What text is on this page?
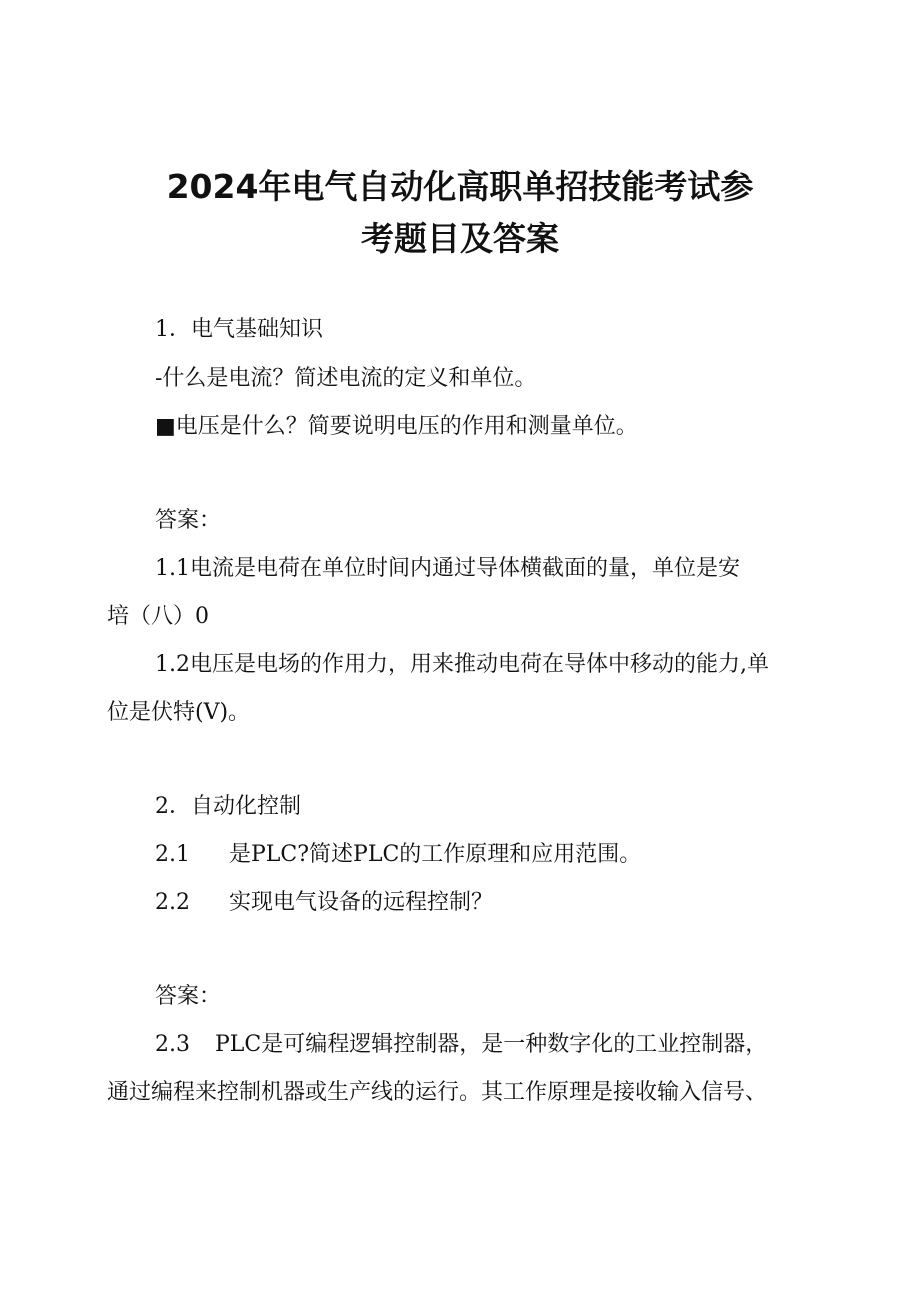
2024年电气自动化高职单招技能考试参
考题目及答案
1．电气基础知识
-什么是电流？简述电流的定义和单位。
■电压是什么？简要说明电压的作用和测量单位。
答案：
1.1电流是电荷在单位时间内通过导体横截面的量，单位是安
培（八）0
1.2电压是电场的作用力，用来推动电荷在导体中移动的能力,单
位是伏特(V)。
2．自动化控制
2.1 是PLC?简述PLC的工作原理和应用范围。
2.2 实现电气设备的远程控制？
答案：
2.3 PLC是可编程逻辑控制器，是一种数字化的工业控制器，
通过编程来控制机器或生产线的运行。其工作原理是接收输入信号、
